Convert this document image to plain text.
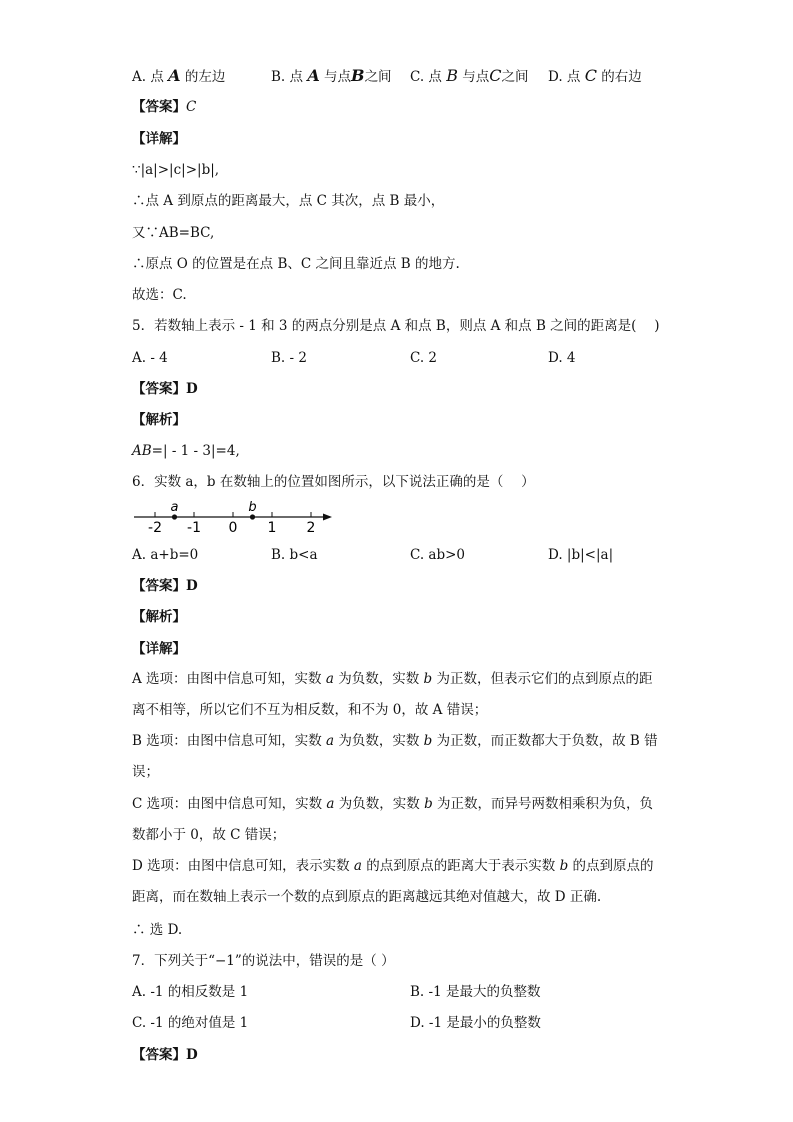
A. 点 A 的左边	B. 点 A 与点B之间 C. 点 B 与点C之间 D. 点 C 的右边
【答案】C
【详解】
∵|a|>|c|>|b|,
∴点 A 到原点的距离最大，点 C 其次，点 B 最小，
又∵AB=BC,
∴原点 O 的位置是在点 B、C 之间且靠近点 B 的地方.
故选：C.
5．若数轴上表示 - 1 和 3 的两点分别是点 A 和点 B，则点 A 和点 B 之间的距离是(　 )
A. - 4	B. - 2	C. 2	D. 4
【答案】D
【解析】
AB=| - 1 - 3|=4,
6．实数 a，b 在数轴上的位置如图所示，以下说法正确的是（　 ）
-2 -1 0 1 2
a	b
A. a+b=0	B. b<a	C. ab>0	D. |b|<|a|
【答案】D
【解析】
【详解】
A 选项：由图中信息可知，实数 a 为负数，实数 b 为正数，但表示它们的点到原点的距离不相等，所以它们不互为相反数，和不为 0，故 A 错误；
B 选项：由图中信息可知，实数 a 为负数，实数 b 为正数，而正数都大于负数，故 B 错误；
C 选项：由图中信息可知，实数 a 为负数，实数 b 为正数，而异号两数相乘积为负，负数都小于 0，故 C 错误；
D 选项：由图中信息可知，表示实数 a 的点到原点的距离大于表示实数 b 的点到原点的距离，而在数轴上表示一个数的点到原点的距离越远其绝对值越大，故 D 正确.
∴ 选 D.
7．下列关于“−1”的说法中，错误的是（ ）
A. -1 的相反数是 1	B. -1 是最大的负整数
C. -1 的绝对值是 1	D. -1 是最小的负整数
【答案】D
